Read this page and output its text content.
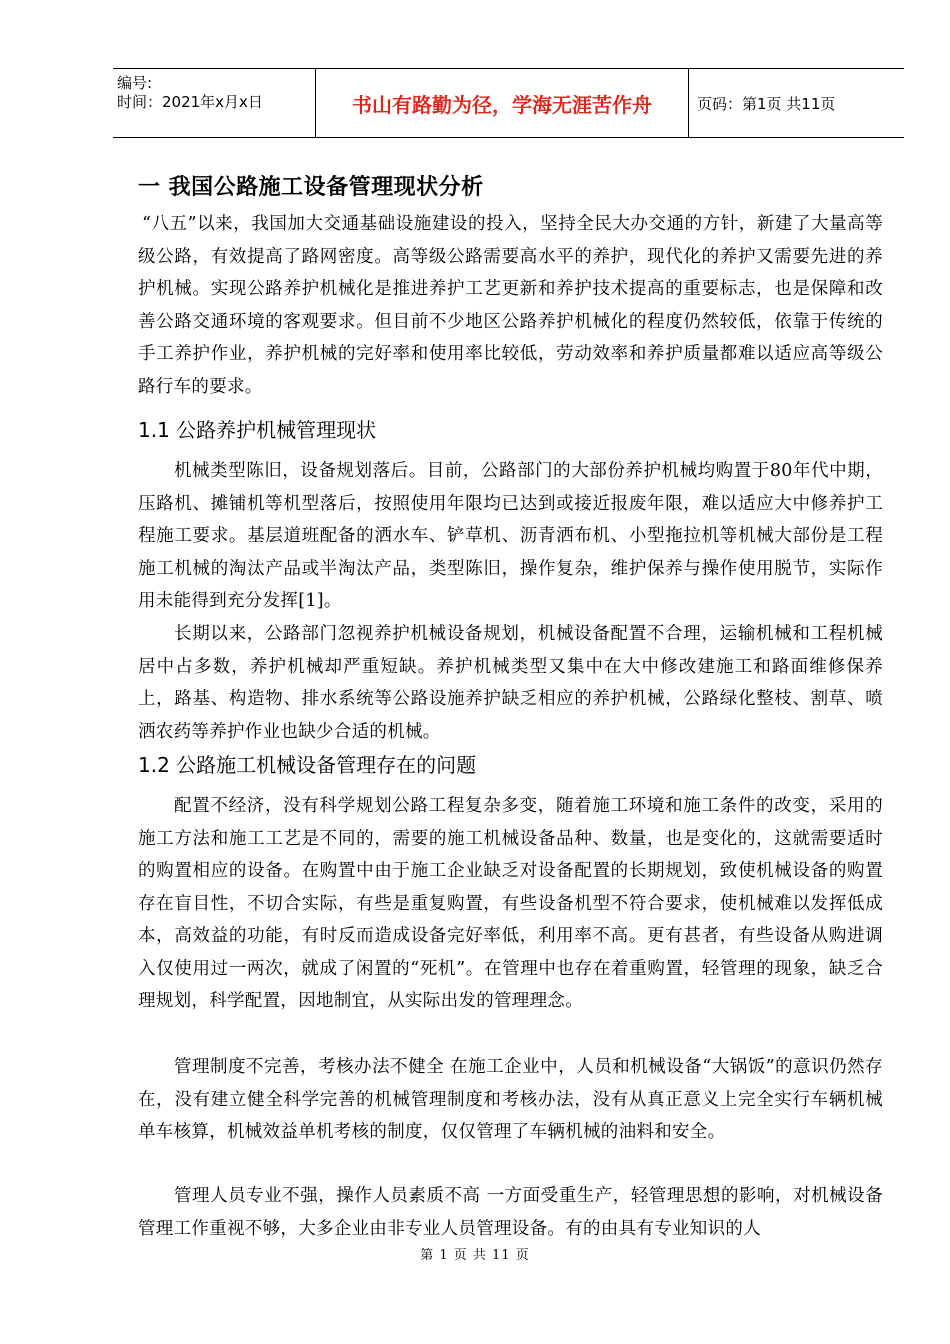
编号:
时间：2021年x月x日	书山有路勤为径，学海无涯苦作舟	页码：第1页 共11页
一 我国公路施工设备管理现状分析

“八五”以来，我国加大交通基础设施建设的投入，坚持全民大办交通的方针，新建了大量高等级公路，有效提高了路网密度。高等级公路需要高水平的养护，现代化的养护又需要先进的养护机械。实现公路养护机械化是推进养护工艺更新和养护技术提高的重要标志，也是保障和改善公路交通环境的客观要求。但目前不少地区公路养护机械化的程度仍然较低，依靠于传统的手工养护作业，养护机械的完好率和使用率比较低，劳动效率和养护质量都难以适应高等级公路行车的要求。

1.1 公路养护机械管理现状

机械类型陈旧，设备规划落后。目前，公路部门的大部份养护机械均购置于80年代中期，压路机、摊铺机等机型落后，按照使用年限均已达到或接近报废年限，难以适应大中修养护工程施工要求。基层道班配备的洒水车、铲草机、沥青洒布机、小型拖拉机等机械大部份是工程施工机械的淘汰产品或半淘汰产品，类型陈旧，操作复杂，维护保养与操作使用脱节，实际作用未能得到充分发挥[1]。

长期以来，公路部门忽视养护机械设备规划，机械设备配置不合理，运输机械和工程机械居中占多数，养护机械却严重短缺。养护机械类型又集中在大中修改建施工和路面维修保养上，路基、构造物、排水系统等公路设施养护缺乏相应的养护机械，公路绿化整枝、割草、喷洒农药等养护作业也缺少合适的机械。

1.2 公路施工机械设备管理存在的问题

配置不经济，没有科学规划公路工程复杂多变，随着施工环境和施工条件的改变，采用的施工方法和施工工艺是不同的，需要的施工机械设备品种、数量，也是变化的，这就需要适时的购置相应的设备。在购置中由于施工企业缺乏对设备配置的长期规划，致使机械设备的购置存在盲目性，不切合实际，有些是重复购置，有些设备机型不符合要求，使机械难以发挥低成本，高效益的功能，有时反而造成设备完好率低，利用率不高。更有甚者，有些设备从购进调入仅使用过一两次，就成了闲置的“死机”。在管理中也存在着重购置，轻管理的现象，缺乏合理规划，科学配置，因地制宜，从实际出发的管理理念。

管理制度不完善，考核办法不健全 在施工企业中，人员和机械设备“大锅饭”的意识仍然存在，没有建立健全科学完善的机械管理制度和考核办法，没有从真正意义上完全实行车辆机械单车核算，机械效益单机考核的制度，仅仅管理了车辆机械的油料和安全。

管理人员专业不强，操作人员素质不高 一方面受重生产，轻管理思想的影响，对机械设备管理工作重视不够，大多企业由非专业人员管理设备。有的由具有专业知识的人

第 1 页 共 11 页
